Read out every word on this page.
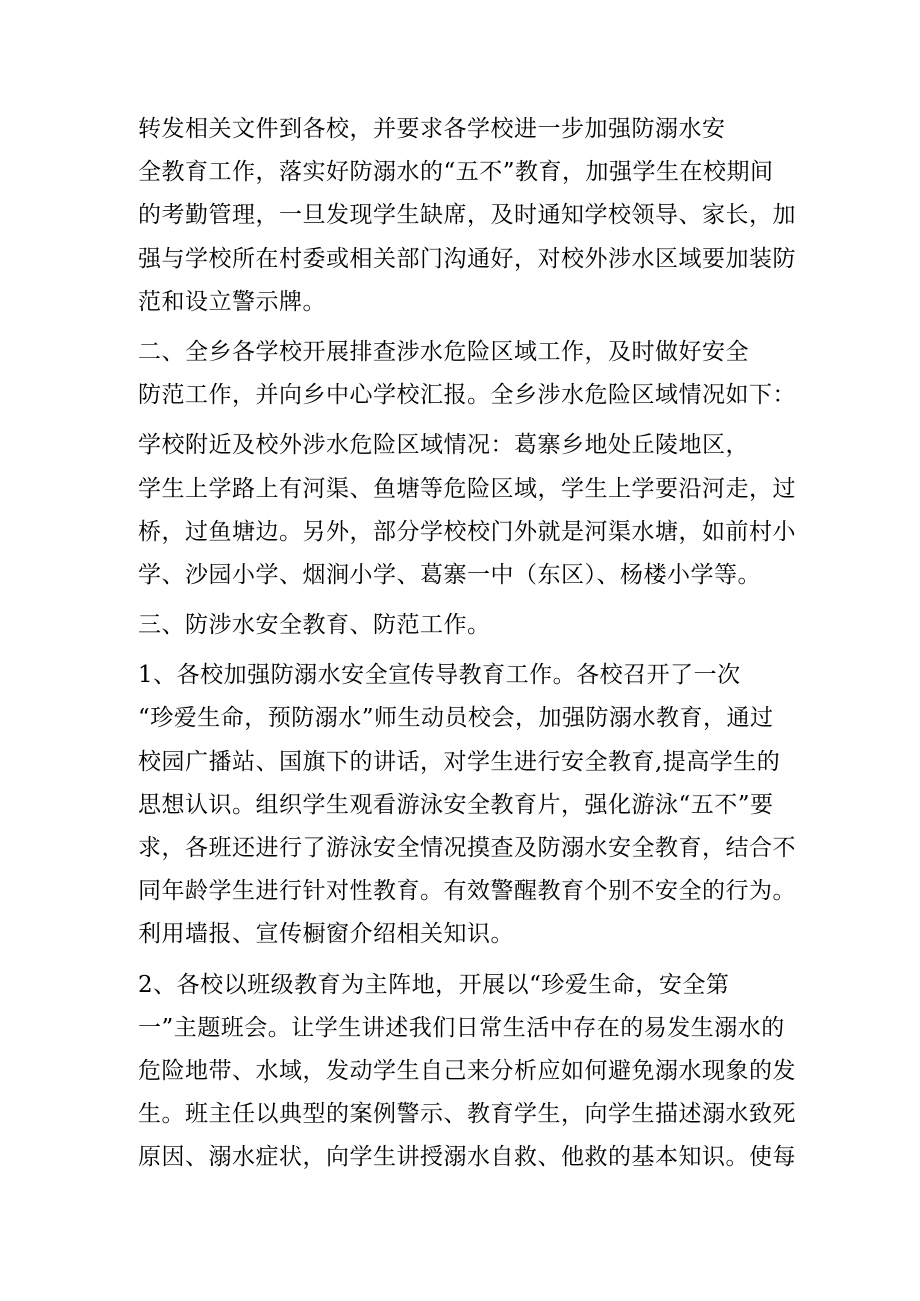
转发相关文件到各校，并要求各学校进一步加强防溺水安
全教育工作，落实好防溺水的“五不”教育，加强学生在校期间
的考勤管理，一旦发现学生缺席，及时通知学校领导、家长，加
强与学校所在村委或相关部门沟通好，对校外涉水区域要加装防
范和设立警示牌。
二、全乡各学校开展排查涉水危险区域工作，及时做好安全
防范工作，并向乡中心学校汇报。全乡涉水危险区域情况如下：
学校附近及校外涉水危险区域情况：葛寨乡地处丘陵地区，
学生上学路上有河渠、鱼塘等危险区域，学生上学要沿河走，过
桥，过鱼塘边。另外，部分学校校门外就是河渠水塘，如前村小
学、沙园小学、烟涧小学、葛寨一中（东区）、杨楼小学等。
三、防涉水安全教育、防范工作。
1、各校加强防溺水安全宣传导教育工作。各校召开了一次
“珍爱生命，预防溺水”师生动员校会，加强防溺水教育，通过
校园广播站、国旗下的讲话，对学生进行安全教育,提高学生的
思想认识。组织学生观看游泳安全教育片，强化游泳“五不”要
求，各班还进行了游泳安全情况摸查及防溺水安全教育，结合不
同年龄学生进行针对性教育。有效警醒教育个别不安全的行为。
利用墙报、宣传橱窗介绍相关知识。
2、各校以班级教育为主阵地，开展以“珍爱生命，安全第
一”主题班会。让学生讲述我们日常生活中存在的易发生溺水的
危险地带、水域，发动学生自己来分析应如何避免溺水现象的发
生。班主任以典型的案例警示、教育学生，向学生描述溺水致死
原因、溺水症状，向学生讲授溺水自救、他救的基本知识。使每
